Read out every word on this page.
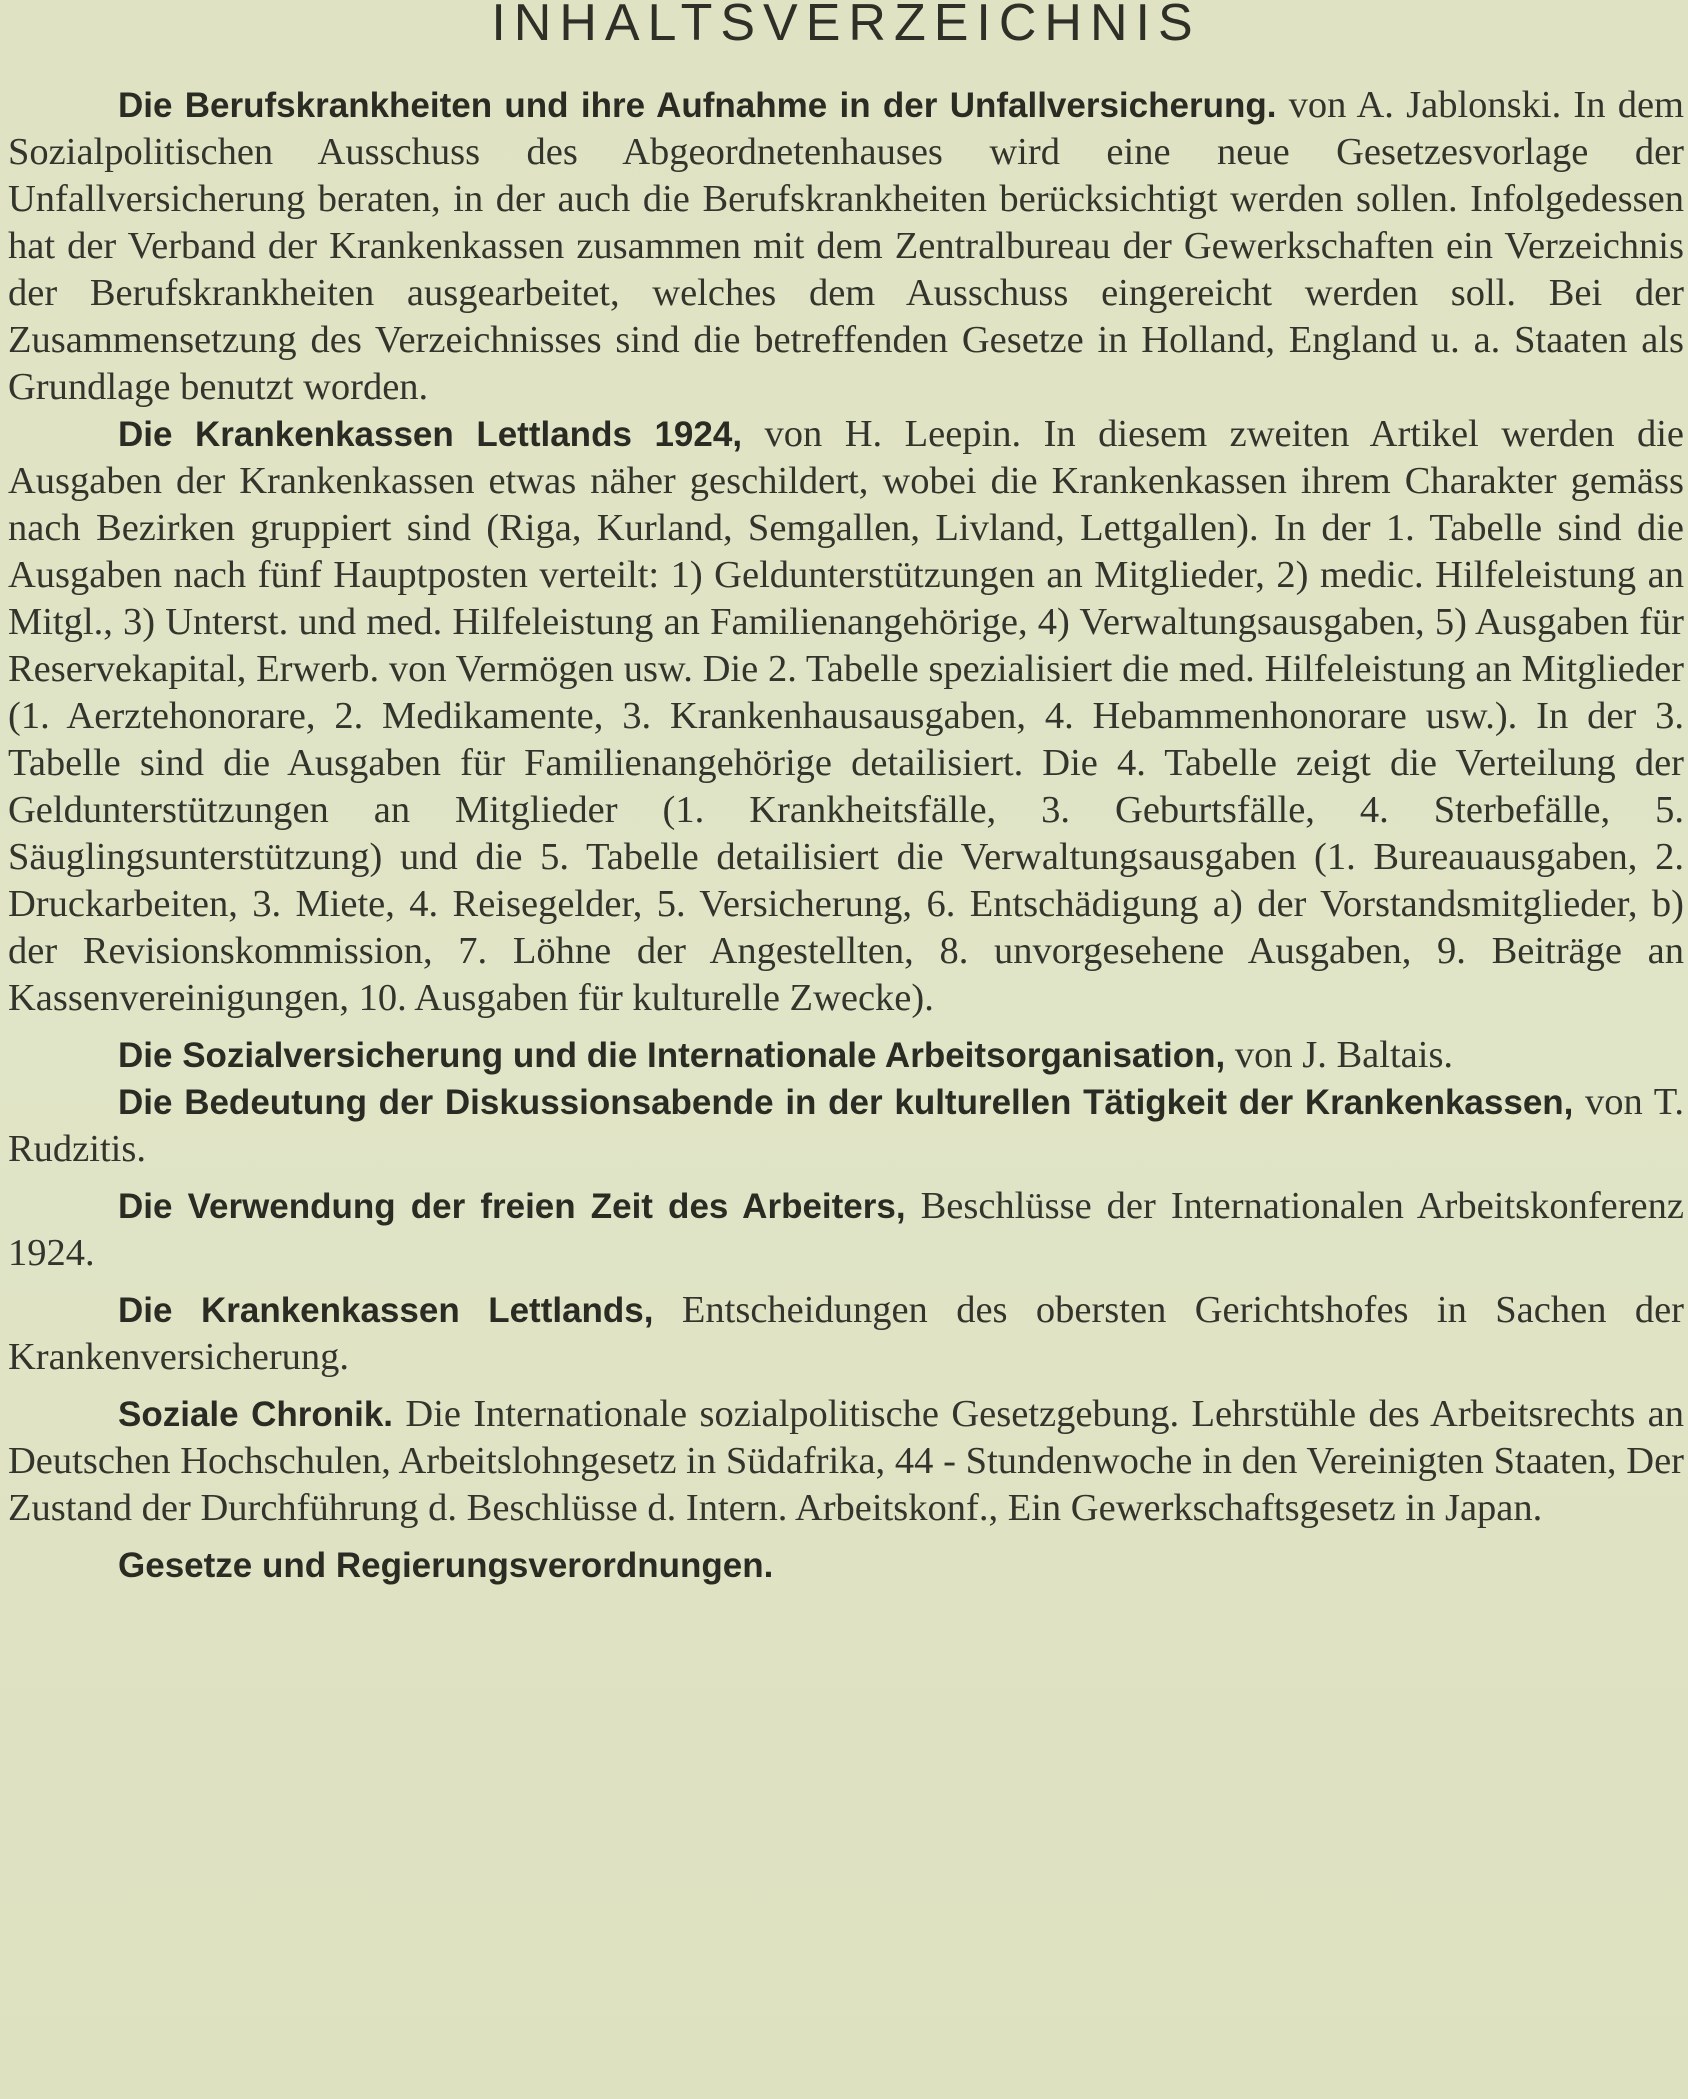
INHALTSVERZEICHNIS

Die Berufskrankheiten und ihre Aufnahme in der Unfallversicherung. von A. Jablonski. In dem Sozialpolitischen Ausschuss des Abgeordnetenhauses wird eine neue Gesetzesvorlage der Unfallversicherung beraten, in der auch die Berufskrankheiten berücksichtigt werden sollen. Infolgedessen hat der Verband der Krankenkassen zusammen mit dem Zentralbureau der Gewerkschaften ein Verzeichnis der Berufskrankheiten ausgearbeitet, welches dem Ausschuss eingereicht werden soll. Bei der Zusammensetzung des Verzeichnisses sind die betreffenden Gesetze in Holland, England u. a. Staaten als Grundlage benutzt worden.

Die Krankenkassen Lettlands 1924, von H. Leepin. In diesem zweiten Artikel werden die Ausgaben der Krankenkassen etwas näher geschildert, wobei die Krankenkassen ihrem Charakter gemäss nach Bezirken gruppiert sind (Riga, Kurland, Semgallen, Livland, Lettgallen). In der 1. Tabelle sind die Ausgaben nach fünf Hauptposten verteilt: 1) Geldunterstützungen an Mitglieder, 2) medic. Hilfeleistung an Mitgl., 3) Unterst. und med. Hilfeleistung an Familienangehörige, 4) Verwaltungsausgaben, 5) Ausgaben für Reservekapital, Erwerb. von Vermögen usw. Die 2. Tabelle spezialisiert die med. Hilfeleistung an Mitglieder (1. Aerztehonorare, 2. Medikamente, 3. Krankenhausausgaben, 4. Hebammenhonorare usw.). In der 3. Tabelle sind die Ausgaben für Familienangehörige detailisiert. Die 4. Tabelle zeigt die Verteilung der Geldunterstützungen an Mitglieder (1. Krankheitsfälle, 3. Geburtsfälle, 4. Sterbefälle, 5. Säuglingsunterstützung) und die 5. Tabelle detailisiert die Verwaltungsausgaben (1. Bureauausgaben, 2. Druckarbeiten, 3. Miete, 4. Reisegelder, 5. Versicherung, 6. Entschädigung a) der Vorstandsmitglieder, b) der Revisionskommission, 7. Löhne der Angestellten, 8. unvorgesehene Ausgaben, 9. Beiträge an Kassenvereinigungen, 10. Ausgaben für kulturelle Zwecke).

Die Sozialversicherung und die Internationale Arbeitsorganisation, von J. Baltais.

Die Bedeutung der Diskussionsabende in der kulturellen Tätigkeit der Krankenkassen, von T. Rudzitis.

Die Verwendung der freien Zeit des Arbeiters, Beschlüsse der Internationalen Arbeitskonferenz 1924.

Die Krankenkassen Lettlands, Entscheidungen des obersten Gerichtshofes in Sachen der Krankenversicherung.

Soziale Chronik. Die Internationale sozialpolitische Gesetzgebung. Lehrstühle des Arbeitsrechts an Deutschen Hochschulen, Arbeitslohngesetz in Südafrika, 44 - Stundenwoche in den Vereinigten Staaten, Der Zustand der Durchführung d. Beschlüsse d. Intern. Arbeitskonf., Ein Gewerkschaftsgesetz in Japan.

Gesetze und Regierungsverordnungen.
